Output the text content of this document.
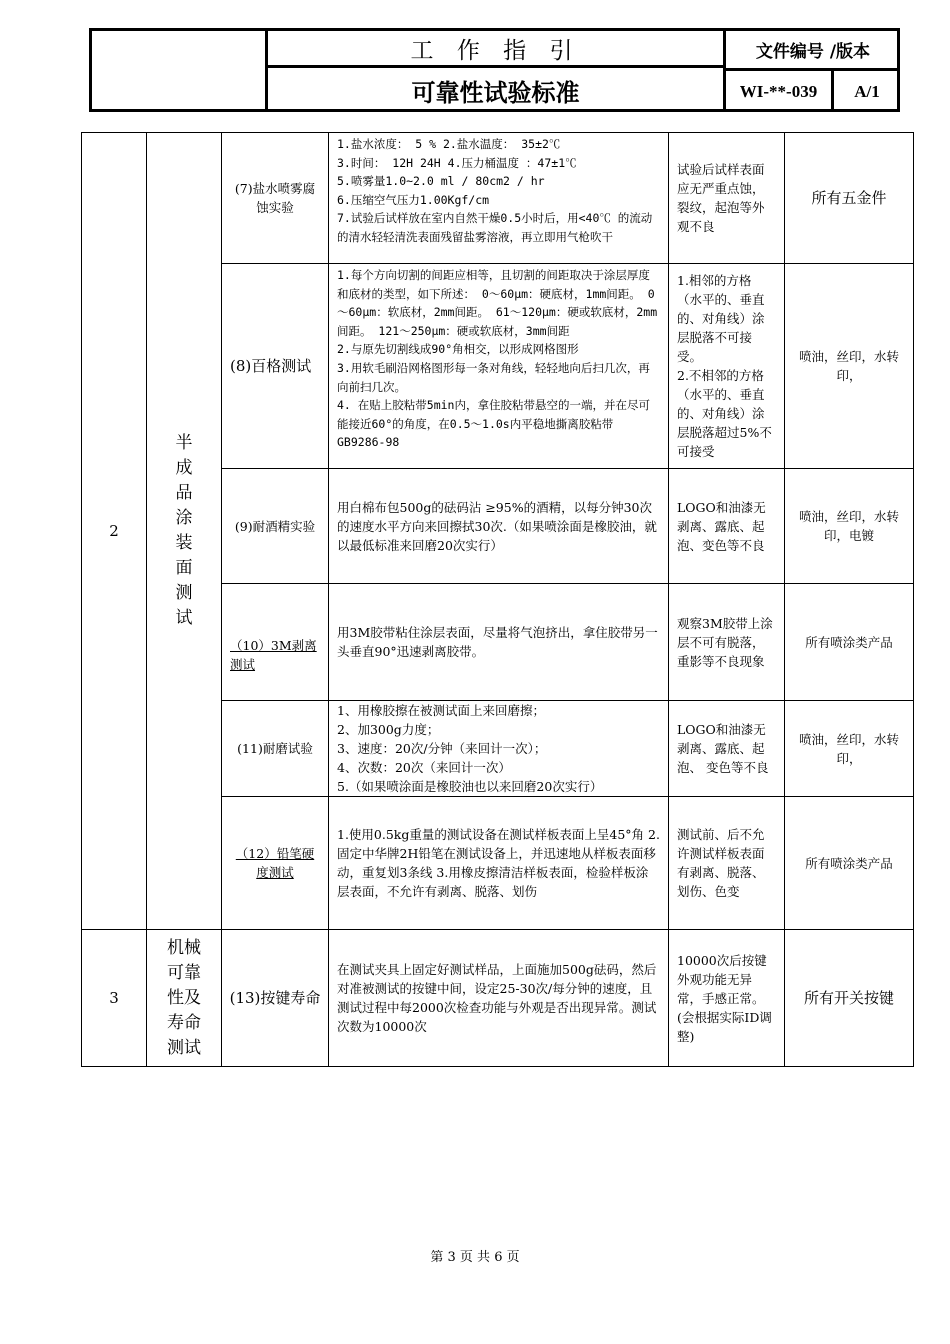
工 作 指 引
可靠性试验标准
文件编号 /版本
WI-**-039	A/1
2
半成品涂装面测试
(7)盐水喷雾腐蚀实验
1.盐水浓度： 5 % 2.盐水温度： 35±2℃
3.时间： 12H 24H 4.压力桶温度 ：47±1℃
5.喷雾量1.0~2.0 ml / 80cm2 / hr
6.压缩空气压力1.00Kgf/cm
7.试验后试样放在室内自然干燥0.5小时后，用<40℃ 的流动的清水轻轻清洗表面残留盐雾溶液，再立即用气枪吹干
试验后试样表面应无严重点蚀，裂纹，起泡等外观不良
所有五金件
(8)百格测试
1.每个方向切割的间距应相等，且切割的间距取决于涂层厚度和底材的类型，如下所述： 0～60μm：硬底材，1mm间距。 0～60μm：软底材，2mm间距。 61～120μm：硬或软底材，2mm间距。 121～250μm：硬或软底材，3mm间距
2.与原先切割线成90°角相交，以形成网格图形
3.用软毛刷沿网格图形每一条对角线，轻轻地向后扫几次，再向前扫几次。
4. 在贴上胶粘带5min内，拿住胶粘带悬空的一端，并在尽可能接近60°的角度，在0.5～1.0s内平稳地撕离胶粘带 GB9286-98
1.相邻的方格（水平的、垂直的、对角线）涂层脱落不可接受。
2.不相邻的方格（水平的、垂直的、对角线）涂层脱落超过5%不可接受
喷油，丝印，水转印，
(9)耐酒精实验
用白棉布包500g的砝码沾 ≥95%的酒精，以每分钟30次的速度水平方向来回擦拭30次.（如果喷涂面是橡胶油，就以最低标准来回磨20次实行）
LOGO和油漆无剥离、露底、起泡、变色等不良
喷油，丝印，水转印，电镀
（10）3M剥离测试
用3M胶带粘住涂层表面，尽量将气泡挤出，拿住胶带另一头垂直90°迅速剥离胶带。
观察3M胶带上涂层不可有脱落，重影等不良现象
所有喷涂类产品
(11)耐磨试验
1、用橡胶擦在被测试面上来回磨擦；
2、加300g力度；
3、速度：20次/分钟（来回计一次）；
4、次数：20次（来回计一次）
5.（如果喷涂面是橡胶油也以来回磨20次实行）
LOGO和油漆无剥离、露底、起泡、 变色等不良
喷油，丝印，水转印，
（12）铅笔硬度测试
1.使用0.5kg重量的测试设备在测试样板表面上呈45°角 2.固定中华牌2H铅笔在测试设备上，并迅速地从样板表面移动，重复划3条线 3.用橡皮擦清洁样板表面，检验样板涂层表面，不允许有剥离、脱落、划伤
测试前、后不允许测试样板表面有剥离、脱落、划伤、色变
所有喷涂类产品
3
机械可靠性及寿命测试
(13)按键寿命
在测试夹具上固定好测试样品，上面施加500g砝码，然后对准被测试的按键中间，设定25-30次/每分钟的速度，且测试过程中每2000次检查功能与外观是否出现异常。测试次数为10000次
10000次后按键外观功能无异常，手感正常。(会根据实际ID调整)
所有开关按键
第 3 页 共 6 页
